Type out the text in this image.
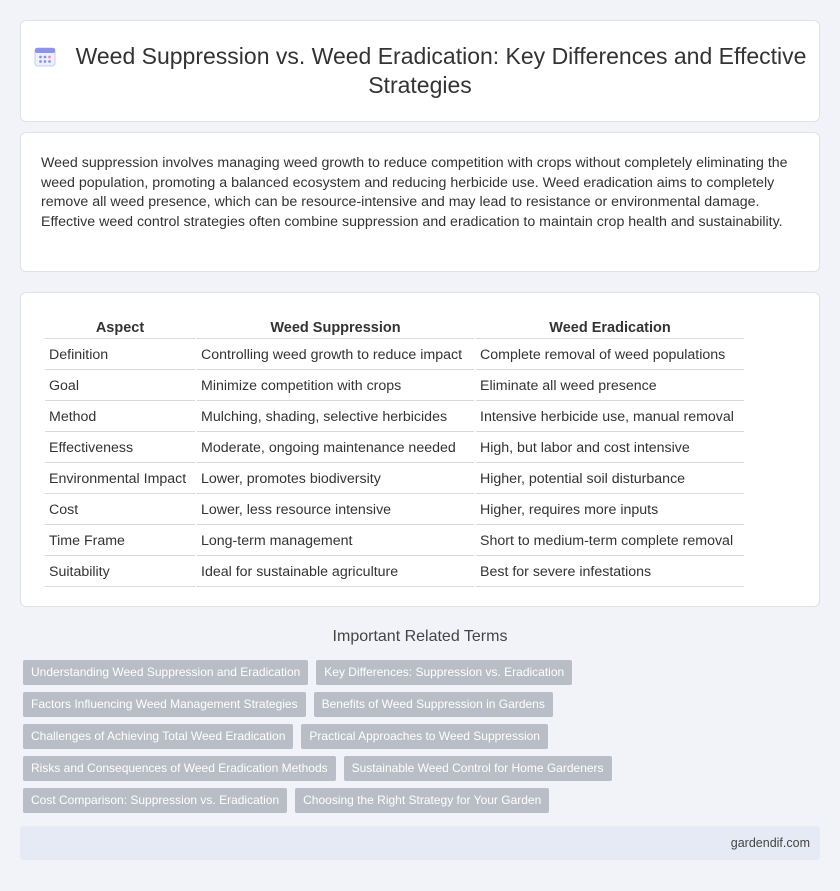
Weed Suppression vs. Weed Eradication: Key Differences and Effective Strategies

Weed suppression involves managing weed growth to reduce competition with crops without completely eliminating the weed population, promoting a balanced ecosystem and reducing herbicide use. Weed eradication aims to completely remove all weed presence, which can be resource-intensive and may lead to resistance or environmental damage. Effective weed control strategies often combine suppression and eradication to maintain crop health and sustainability.

Aspect	Weed Suppression	Weed Eradication
Definition	Controlling weed growth to reduce impact	Complete removal of weed populations
Goal	Minimize competition with crops	Eliminate all weed presence
Method	Mulching, shading, selective herbicides	Intensive herbicide use, manual removal
Effectiveness	Moderate, ongoing maintenance needed	High, but labor and cost intensive
Environmental Impact	Lower, promotes biodiversity	Higher, potential soil disturbance
Cost	Lower, less resource intensive	Higher, requires more inputs
Time Frame	Long-term management	Short to medium-term complete removal
Suitability	Ideal for sustainable agriculture	Best for severe infestations
Important Related Terms
Understanding Weed Suppression and Eradication	Key Differences: Suppression vs. Eradication
Factors Influencing Weed Management Strategies	Benefits of Weed Suppression in Gardens
Challenges of Achieving Total Weed Eradication	Practical Approaches to Weed Suppression
Risks and Consequences of Weed Eradication Methods	Sustainable Weed Control for Home Gardeners
Cost Comparison: Suppression vs. Eradication	Choosing the Right Strategy for Your Garden
gardendif.com
